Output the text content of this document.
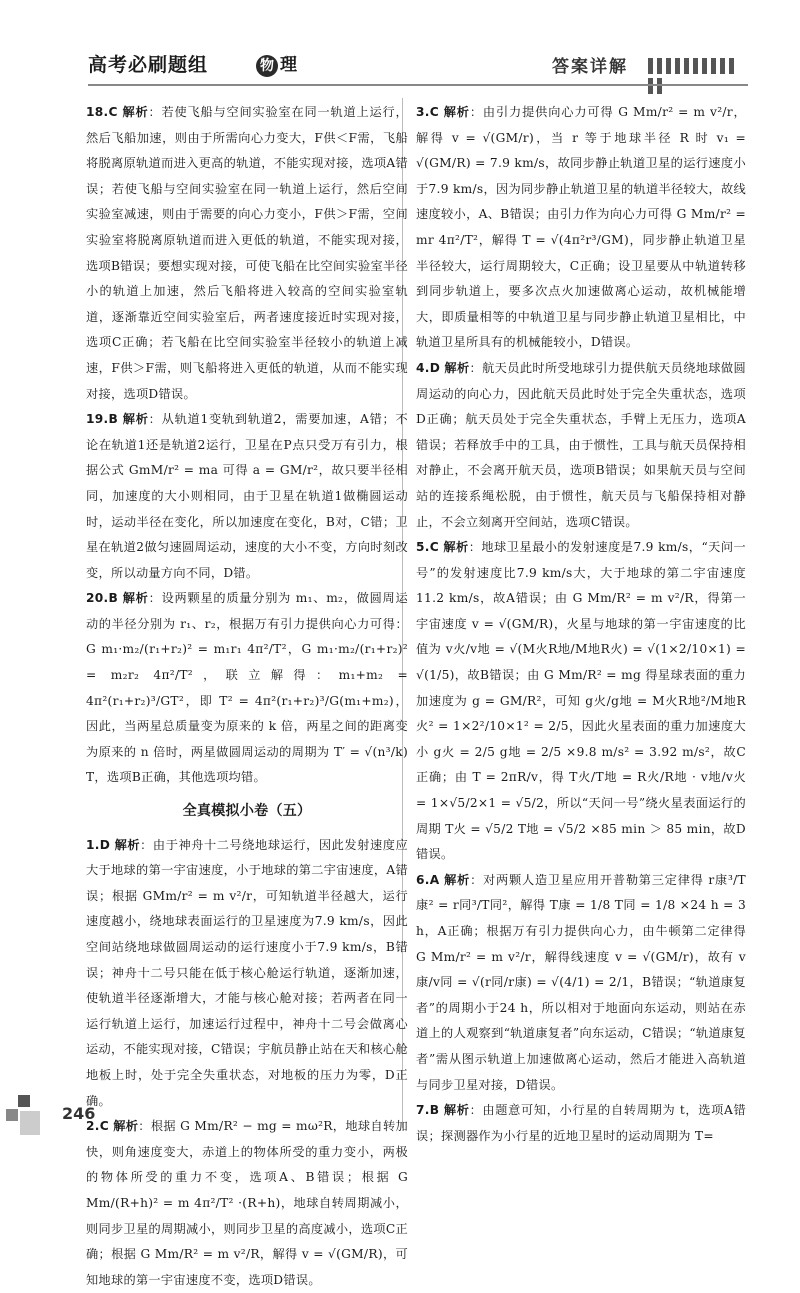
高考必刷题组	物 理	答案详解

18.C 解析：若使飞船与空间实验室在同一轨道上运行，然后飞船加速，则由于所需向心力变大，F供＜F需，飞船将脱离原轨道而进入更高的轨道，不能实现对接，选项A错误；若使飞船与空间实验室在同一轨道上运行，然后空间实验室减速，则由于需要的向心力变小，F供＞F需，空间实验室将脱离原轨道而进入更低的轨道，不能实现对接，选项B错误；要想实现对接，可使飞船在比空间实验室半径小的轨道上加速，然后飞船将进入较高的空间实验室轨道，逐渐靠近空间实验室后，两者速度接近时实现对接，选项C正确；若飞船在比空间实验室半径较小的轨道上减速，F供＞F需，则飞船将进入更低的轨道，从而不能实现对接，选项D错误。

19.B 解析：从轨道1变轨到轨道2，需要加速，A错；不论在轨道1还是轨道2运行，卫星在P点只受万有引力，根据公式 GmM/r² = ma 可得 a = GM/r²，故只要半径相同，加速度的大小则相同，由于卫星在轨道1做椭圆运动时，运动半径在变化，所以加速度在变化，B对，C错；卫星在轨道2做匀速圆周运动，速度的大小不变，方向时刻改变，所以动量方向不同，D错。

20.B 解析：设两颗星的质量分别为 m₁、m₂，做圆周运动的半径分别为 r₁、r₂，根据万有引力提供向心力可得：G m₁·m₂/(r₁+r₂)² = m₁r₁ 4π²/T²，G m₁·m₂/(r₁+r₂)² = m₂r₂ 4π²/T²，联立解得：m₁+m₂ = 4π²(r₁+r₂)³/GT²，即 T² = 4π²(r₁+r₂)³/G(m₁+m₂)，因此，当两星总质量变为原来的 k 倍，两星之间的距离变为原来的 n 倍时，两星做圆周运动的周期为 T′ = √(n³/k) T，选项B正确，其他选项均错。

全真模拟小卷（五）

1.D 解析：由于神舟十二号绕地球运行，因此发射速度应大于地球的第一宇宙速度，小于地球的第二宇宙速度，A错误；根据 GMm/r² = m v²/r，可知轨道半径越大，运行速度越小，绕地球表面运行的卫星速度为7.9 km/s，因此空间站绕地球做圆周运动的运行速度小于7.9 km/s，B错误；神舟十二号只能在低于核心舱运行轨道，逐渐加速，使轨道半径逐渐增大，才能与核心舱对接；若两者在同一运行轨道上运行，加速运行过程中，神舟十二号会做离心运动，不能实现对接，C错误；宇航员静止站在天和核心舱地板上时，处于完全失重状态，对地板的压力为零，D正确。

2.C 解析：根据 G Mm/R² − mg = mω²R，地球自转加快，则角速度变大，赤道上的物体所受的重力变小，两极的物体所受的重力不变，选项A、B错误；根据 G Mm/(R+h)² = m 4π²/T² ·(R+h)，地球自转周期减小，则同步卫星的周期减小，则同步卫星的高度减小，选项C正确；根据 G Mm/R² = m v²/R，解得 v = √(GM/R)，可知地球的第一宇宙速度不变，选项D错误。

3.C 解析：由引力提供向心力可得 G Mm/r² = m v²/r，解得 v = √(GM/r)，当 r 等于地球半径 R 时 v₁ = √(GM/R) = 7.9 km/s，故同步静止轨道卫星的运行速度小于7.9 km/s，因为同步静止轨道卫星的轨道半径较大，故线速度较小，A、B错误；由引力作为向心力可得 G Mm/r² = mr 4π²/T²，解得 T = √(4π²r³/GM)，同步静止轨道卫星半径较大，运行周期较大，C正确；设卫星要从中轨道转移到同步轨道上，要多次点火加速做离心运动，故机械能增大，即质量相等的中轨道卫星与同步静止轨道卫星相比，中轨道卫星所具有的机械能较小，D错误。

4.D 解析：航天员此时所受地球引力提供航天员绕地球做圆周运动的向心力，因此航天员此时处于完全失重状态，选项D正确；航天员处于完全失重状态，手臂上无压力，选项A错误；若释放手中的工具，由于惯性，工具与航天员保持相对静止，不会离开航天员，选项B错误；如果航天员与空间站的连接系绳松脱，由于惯性，航天员与飞船保持相对静止，不会立刻离开空间站，选项C错误。

5.C 解析：地球卫星最小的发射速度是7.9 km/s，“天问一号”的发射速度比7.9 km/s大，大于地球的第二宇宙速度11.2 km/s，故A错误；由 G Mm/R² = m v²/R，得第一宇宙速度 v = √(GM/R)，火星与地球的第一宇宙速度的比值为 v火/v地 = √(M火R地/M地R火) = √(1×2/10×1) = √(1/5)，故B错误；由 G Mm/R² = mg 得星球表面的重力加速度为 g = GM/R²，可知 g火/g地 = M火R地²/M地R火² = 1×2²/10×1² = 2/5，因此火星表面的重力加速度大小 g火 = 2/5 g地 = 2/5 ×9.8 m/s² = 3.92 m/s²，故C正确；由 T = 2πR/v，得 T火/T地 = R火/R地 · v地/v火 = 1×√5/2×1 = √5/2，所以“天问一号”绕火星表面运行的周期 T火 = √5/2 T地 = √5/2 ×85 min ＞ 85 min，故D错误。

6.A 解析：对两颗人造卫星应用开普勒第三定律得 r康³/T康² = r同³/T同²，解得 T康 = 1/8 T同 = 1/8 ×24 h = 3 h，A正确；根据万有引力提供向心力，由牛顿第二定律得 G Mm/r² = m v²/r，解得线速度 v = √(GM/r)，故有 v康/v同 = √(r同/r康) = √(4/1) = 2/1，B错误；“轨道康复者”的周期小于24 h，所以相对于地面向东运动，则站在赤道上的人观察到“轨道康复者”向东运动，C错误；“轨道康复者”需从图示轨道上加速做离心运动，然后才能进入高轨道与同步卫星对接，D错误。

7.B 解析：由题意可知，小行星的自转周期为 t，选项A错误；探测器作为小行星的近地卫星时的运动周期为 T=

246
